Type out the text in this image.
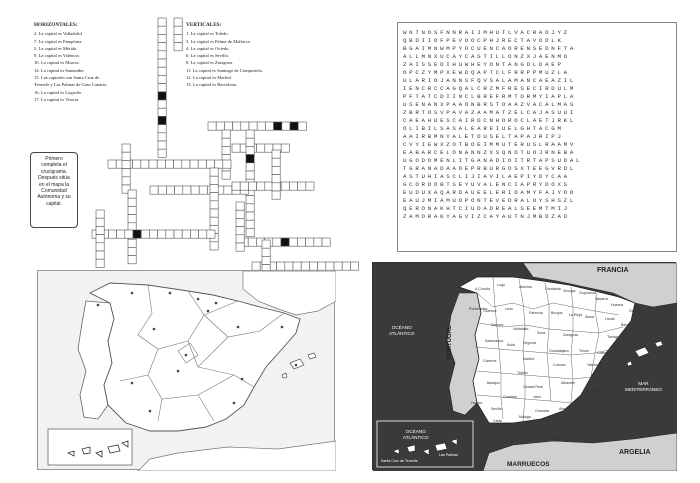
HORIZONTALES:
2. La capital es Valladolid
7. La capital es Pamplona.
5. La capital es Mérida.
9. La capital es Valencia.
10. La capital es Murcia.
14. La capital es Santander.
15. Las capitales son Santa Cruz de
Tenerife y Las Palmas de Gran Canaria.
16. La capital es Logroño.
17. La capital es Vitoria.
VERTICALES:
1. La capital es Toledo.
3. La capital es Palma de Mallorca.
4. La capital es Oviedo.
6. La capital es Sevilla.
8. La capital es Zaragoza.
11. La capital es Santiago de Compostela.
12. La capital es Madrid.
13. La capital es Barcelona.
Primero
completa el
crucigrama.
Después sitúa
en el mapa la
Comunidad
Autónoma y su
capital.
WNTNOSFNNRAIJMHUTLVACRADJYZ
QBDIIOFPEVOOCPHJRECTAVODLK
BGAIMNWMPYOCUENCAORENSEDNFTA
ALLMNXUCAYCASTILLONZXJAENMO
ZAISSEDIHUWHEYONTANGDLDAEP
OPCZYMPXEWDQAPTCLFRRPPMUZLA
ULARIOJANNSFQVSALAMANCAEAZIL
IENCRCCAGQALCRZMFRESECIRDULM
PFTATCDIINCLBREFRMTORMYIAPLA
USENANXPAAONBRSTOAAZVACALMAS
ZBRTOSVPAVAZAAMATZELCAJASUUI
CAEAHUESCAIRDCNHOROCLAETJRKL
OLIBILSASALEAREIUELGHTACGM
AAIRBMNYALETDUSELTAPAJRIPJ
CVYIEWXZOTBOEIMMUTERUSLRAAMV
EABARCELONANNZXSQNDTUOJRNEBA
UGODOMENLITGANADIOITRTAPSUDAL
TGRANADAAOEPRBURGOSXTEEGVRDL
ASTUHIASCLIJIAVILAEPIYDYCAA
GCORDOBTSEYUVALENCIAPRYDOXS
EUDUXAQARDAUEELERIDAMYFAJYOO
EAUJMIAMUOPONTEVEDRALOYSHSZL
QERONAKHTCIUDADREALSEEMTMIJ
ZAMORAKYAGVIZCAYAUTNJMBDZAD
FRANCIA
PORTUGAL
MARRUECOS
ARGELIA
OCÉANO
ATLÁNTICO
OCÉANO
ATLÁNTICO
MAR
MEDITERRÁNEO
Santa Cruz de Tenerife
Las Palmas
A Coruña
Lugo	Asturias	Cantabria Vizcaya Guipúzcoa
Navarra
Huesca
Girona
Pontevedra
Ourense León
Palencia Burgos La Rioja Álava	Lleida
Barcelona
Zamora
Valladolid
Soria	Zaragoza	Tarragona
Salamanca
Ávila Segovia
Guadalajara	Teruel Castellón
Madrid
Cuenca	Valencia
Cáceres
Toledo
Badajoz
Ciudad Real
Albacete
Alicante
Murcia
Huelva
Córdoba	Jaén
Sevilla	Granada	Almería
Cádiz
Málaga
Baleares
Ceuta	Melilla
